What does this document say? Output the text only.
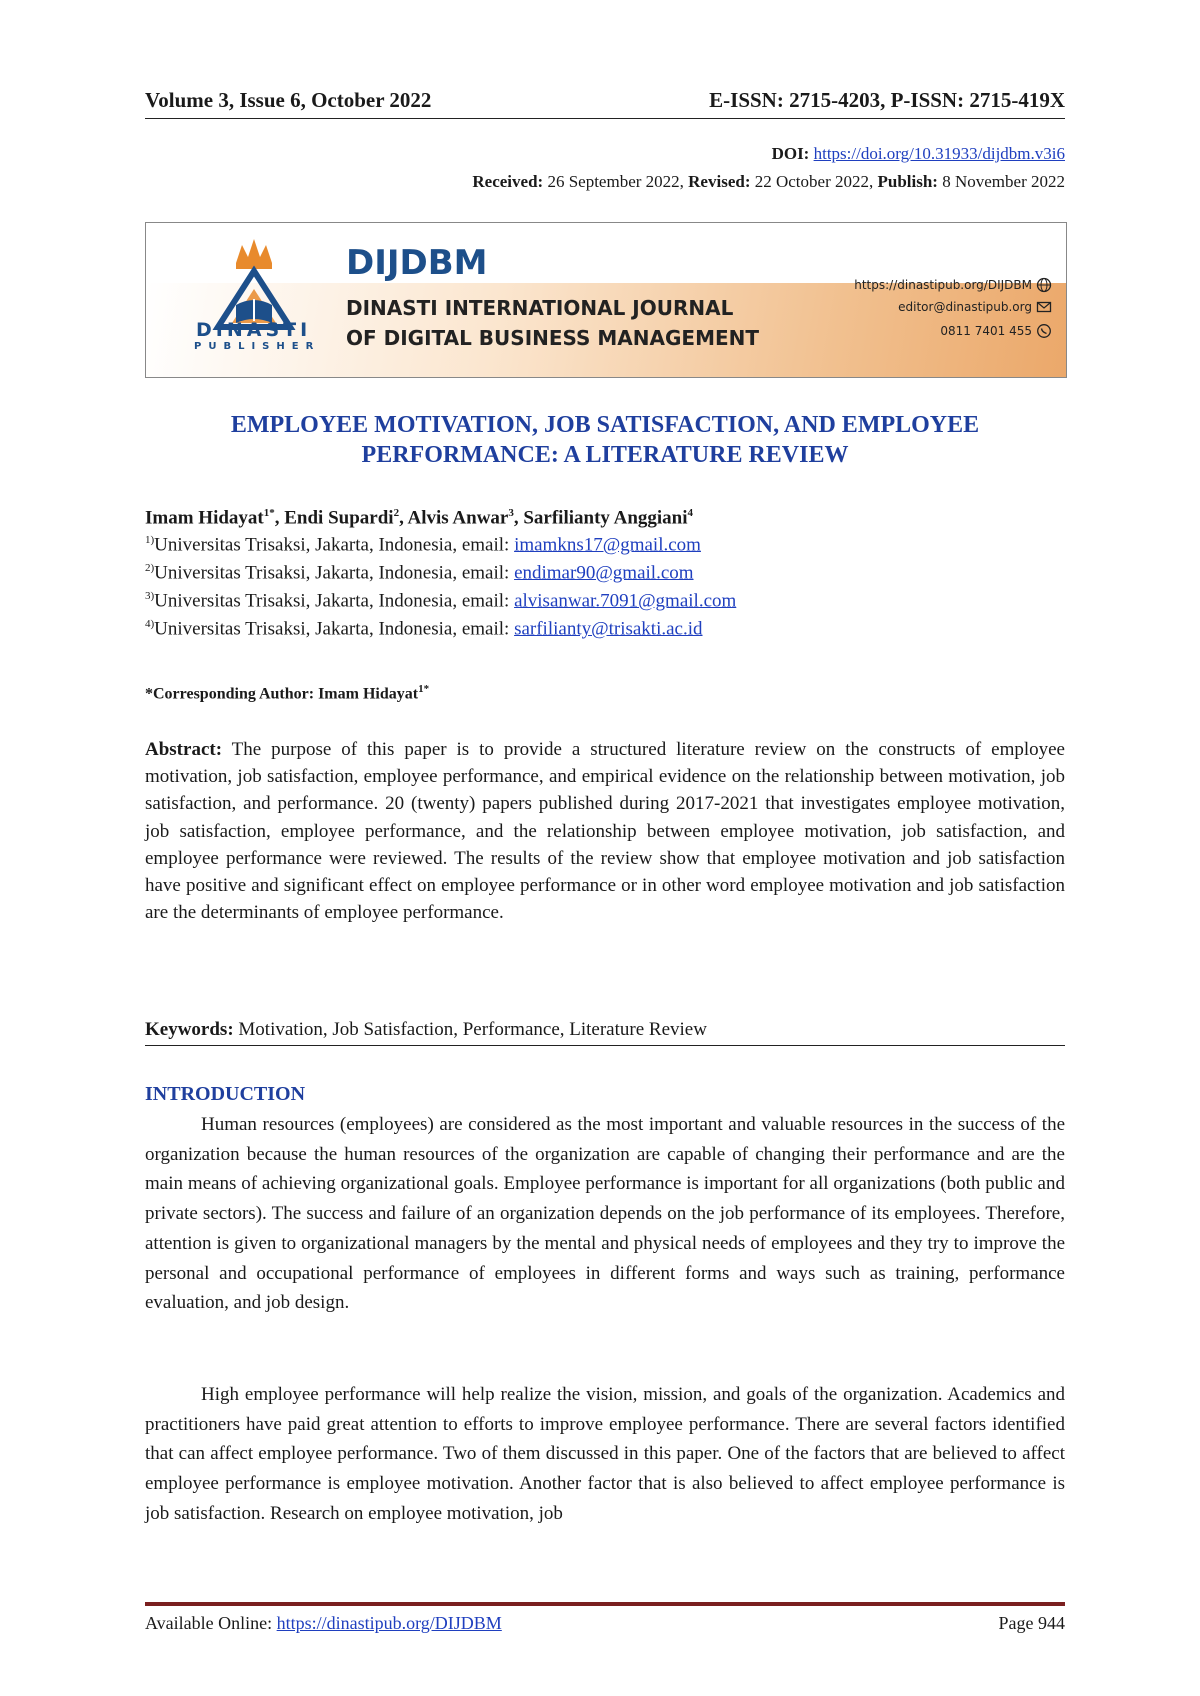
Volume 3, Issue 6, October 2022	E-ISSN: 2715-4203, P-ISSN: 2715-419X
DOI: https://doi.org/10.31933/dijdbm.v3i6
Received: 26 September 2022, Revised: 22 October 2022, Publish: 8 November 2022
DINASTI
PUBLISHER
DIJDBM
DINASTI INTERNATIONAL JOURNAL
OF DIGITAL BUSINESS MANAGEMENT
https://dinastipub.org/DIJDBM
editor@dinastipub.org
0811 7401 455
EMPLOYEE MOTIVATION, JOB SATISFACTION, AND EMPLOYEE
PERFORMANCE: A LITERATURE REVIEW
Imam Hidayat$^{1*}$, Endi Supardi$^2$, Alvis Anwar$^3$, Sarfilianty Anggiani$^4$
$^{1)}$Universitas Trisaksi, Jakarta, Indonesia, email: imamkns17@gmail.com
$^{2)}$Universitas Trisaksi, Jakarta, Indonesia, email: endimar90@gmail.com
$^{3)}$Universitas Trisaksi, Jakarta, Indonesia, email: alvisanwar.7091@gmail.com
$^{4)}$Universitas Trisaksi, Jakarta, Indonesia, email: sarfilianty@trisakti.ac.id
*Corresponding Author: Imam Hidayat$^{1*}$
Abstract: The purpose of this paper is to provide a structured literature review on the constructs of employee motivation, job satisfaction, employee performance, and empirical evidence on the relationship between motivation, job satisfaction, and performance. 20 (twenty) papers published during 2017-2021 that investigates employee motivation, job satisfaction, employee performance, and the relationship between employee motivation, job satisfaction, and employee performance were reviewed. The results of the review show that employee motivation and job satisfaction have positive and significant effect on employee performance or in other word employee motivation and job satisfaction are the determinants of employee performance.
Keywords: Motivation, Job Satisfaction, Performance, Literature Review
INTRODUCTION

Human resources (employees) are considered as the most important and valuable resources in the success of the organization because the human resources of the organization are capable of changing their performance and are the main means of achieving organizational goals. Employee performance is important for all organizations (both public and private sectors). The success and failure of an organization depends on the job performance of its employees. Therefore, attention is given to organizational managers by the mental and physical needs of employees and they try to improve the personal and occupational performance of employees in different forms and ways such as training, performance evaluation, and job design.

High employee performance will help realize the vision, mission, and goals of the organization. Academics and practitioners have paid great attention to efforts to improve employee performance. There are several factors identified that can affect employee performance. Two of them discussed in this paper. One of the factors that are believed to affect employee performance is employee motivation. Another factor that is also believed to affect employee performance is job satisfaction. Research on employee motivation, job

Available Online: https://dinastipub.org/DIJDBM	Page 944
